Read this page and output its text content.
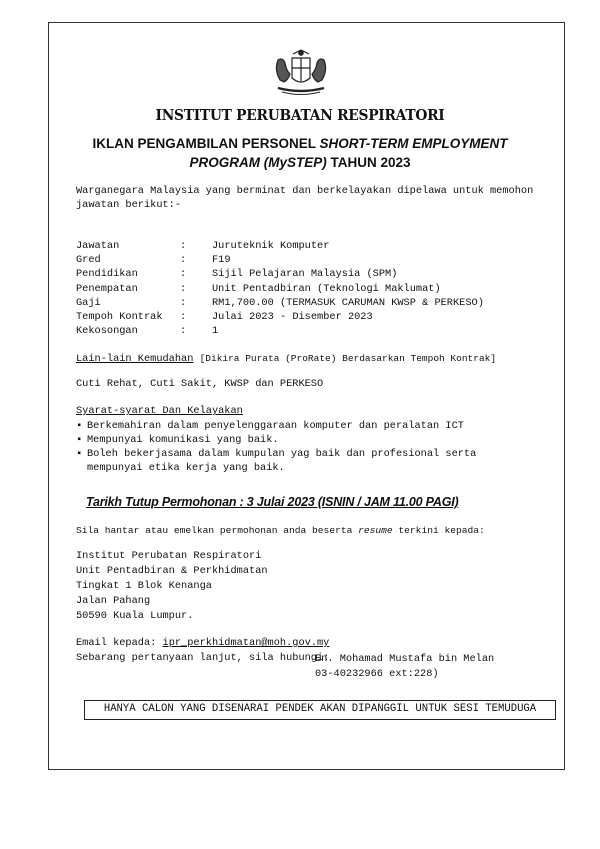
INSTITUT PERUBATAN RESPIRATORI
IKLAN PENGAMBILAN PERSONEL SHORT-TERM EMPLOYMENT PROGRAM (MySTEP) TAHUN 2023
Warganegara Malaysia yang berminat dan berkelayakan dipelawa untuk memohon jawatan berikut:-
Jawatan	:	Juruteknik Komputer
Gred	:	F19
Pendidikan	:	Sijil Pelajaran Malaysia (SPM)
Penempatan	:	Unit Pentadbiran (Teknologi Maklumat)
Gaji	:	RM1,700.00 (TERMASUK CARUMAN KWSP & PERKESO)
Tempoh Kontrak :	Julai 2023 - Disember 2023
Kekosongan	:	1
Lain-lain Kemudahan [Dikira Purata (ProRate) Berdasarkan Tempoh Kontrak]
Cuti Rehat, Cuti Sakit, KWSP dan PERKESO
Syarat-syarat Dan Kelayakan
▪ Berkemahiran dalam penyelenggaraan komputer dan peralatan ICT
▪ Mempunyai komunikasi yang baik.
▪ Boleh bekerjasama dalam kumpulan yag baik dan profesional serta mempunyai etika kerja yang baik.
Tarikh Tutup Permohonan : 3 Julai 2023 (ISNIN / JAM 11.00 PAGI)
Sila hantar atau emelkan permohonan anda beserta resume terkini kepada:
Institut Perubatan Respiratori
Unit Pentadbiran & Perkhidmatan
Tingkat 1 Blok Kenanga
Jalan Pahang
50590 Kuala Lumpur.
Email kepada: ipr_perkhidmatan@moh.gov.my
Sebarang pertanyaan lanjut, sila hubungi:
En. Mohamad Mustafa bin Melan
03-40232966 ext:228)
HANYA CALON YANG DISENARAI PENDEK AKAN DIPANGGIL UNTUK SESI TEMUDUGA
